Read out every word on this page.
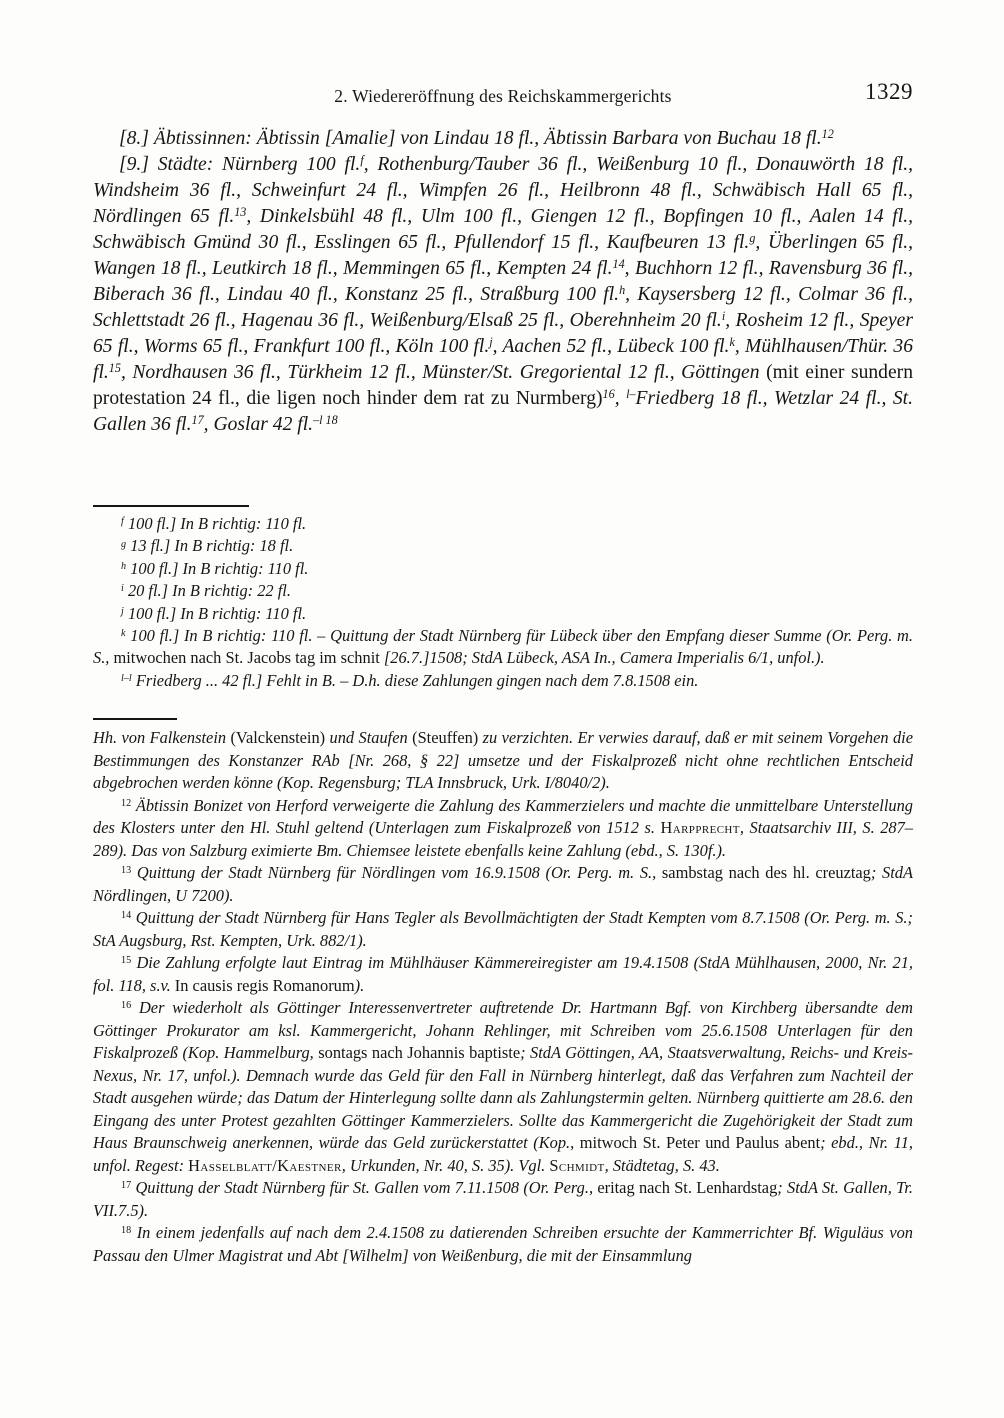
2. Wiedereröffnung des Reichskammergerichts	1329

[8.] Äbtissinnen: Äbtissin [Amalie] von Lindau 18 fl., Äbtissin Barbara von Buchau 18 fl.$^{12}$

[9.] Städte: Nürnberg 100 fl.$^f$, Rothenburg/Tauber 36 fl., Weißenburg 10 fl., Donauwörth 18 fl., Windsheim 36 fl., Schweinfurt 24 fl., Wimpfen 26 fl., Heilbronn 48 fl., Schwäbisch Hall 65 fl., Nördlingen 65 fl.$^{13}$, Dinkelsbühl 48 fl., Ulm 100 fl., Giengen 12 fl., Bopfingen 10 fl., Aalen 14 fl., Schwäbisch Gmünd 30 fl., Esslingen 65 fl., Pfullendorf 15 fl., Kaufbeuren 13 fl.$^g$, Überlingen 65 fl., Wangen 18 fl., Leutkirch 18 fl., Memmingen 65 fl., Kempten 24 fl.$^{14}$, Buchhorn 12 fl., Ravensburg 36 fl., Biberach 36 fl., Lindau 40 fl., Konstanz 25 fl., Straßburg 100 fl.$^h$, Kaysersberg 12 fl., Colmar 36 fl., Schlettstadt 26 fl., Hagenau 36 fl., Weißenburg/Elsaß 25 fl., Oberehnheim 20 fl.$^i$, Rosheim 12 fl., Speyer 65 fl., Worms 65 fl., Frankfurt 100 fl., Köln 100 fl.$^j$, Aachen 52 fl., Lübeck 100 fl.$^k$, Mühlhausen/Thür. 36 fl.$^{15}$, Nordhausen 36 fl., Türkheim 12 fl., Münster/St. Gregoriental 12 fl., Göttingen (mit einer sundern protestation 24 fl., die ligen noch hinder dem rat zu Nurmberg)$^{16}$, $^{l-}$Friedberg 18 fl., Wetzlar 24 fl., St. Gallen 36 fl.$^{17}$, Goslar 42 fl.$^{-l 18}$

$^f$ 100 fl.] In B richtig: 110 fl.

$^g$ 13 fl.] In B richtig: 18 fl.

$^h$ 100 fl.] In B richtig: 110 fl.

$^i$ 20 fl.] In B richtig: 22 fl.

$^j$ 100 fl.] In B richtig: 110 fl.

$^k$ 100 fl.] In B richtig: 110 fl. – Quittung der Stadt Nürnberg für Lübeck über den Empfang dieser Summe (Or. Perg. m. S., mitwochen nach St. Jacobs tag im schnit [26.7.]1508; StdA Lübeck, ASA In., Camera Imperialis 6/1, unfol.).

$^{l-l}$ Friedberg ... 42 fl.] Fehlt in B. – D.h. diese Zahlungen gingen nach dem 7.8.1508 ein.

Hh. von Falkenstein (Valckenstein) und Staufen (Steuffen) zu verzichten. Er verwies darauf, daß er mit seinem Vorgehen die Bestimmungen des Konstanzer RAb [Nr. 268, § 22] umsetze und der Fiskalprozeß nicht ohne rechtlichen Entscheid abgebrochen werden könne (Kop. Regensburg; TLA Innsbruck, Urk. I/8040/2).

$^{12}$ Äbtissin Bonizet von Herford verweigerte die Zahlung des Kammerzielers und machte die unmittelbare Unterstellung des Klosters unter den Hl. Stuhl geltend (Unterlagen zum Fiskalprozeß von 1512 s. Harpprecht, Staatsarchiv III, S. 287–289). Das von Salzburg eximierte Bm. Chiemsee leistete ebenfalls keine Zahlung (ebd., S. 130f.).

$^{13}$ Quittung der Stadt Nürnberg für Nördlingen vom 16.9.1508 (Or. Perg. m. S., sambstag nach des hl. creuztag; StdA Nördlingen, U 7200).

$^{14}$ Quittung der Stadt Nürnberg für Hans Tegler als Bevollmächtigten der Stadt Kempten vom 8.7.1508 (Or. Perg. m. S.; StA Augsburg, Rst. Kempten, Urk. 882/1).

$^{15}$ Die Zahlung erfolgte laut Eintrag im Mühlhäuser Kämmereiregister am 19.4.1508 (StdA Mühlhausen, 2000, Nr. 21, fol. 118, s.v. In causis regis Romanorum).

$^{16}$ Der wiederholt als Göttinger Interessenvertreter auftretende Dr. Hartmann Bgf. von Kirchberg übersandte dem Göttinger Prokurator am ksl. Kammergericht, Johann Rehlinger, mit Schreiben vom 25.6.1508 Unterlagen für den Fiskalprozeß (Kop. Hammelburg, sontags nach Johannis baptiste; StdA Göttingen, AA, Staatsverwaltung, Reichs- und Kreis-Nexus, Nr. 17, unfol.). Demnach wurde das Geld für den Fall in Nürnberg hinterlegt, daß das Verfahren zum Nachteil der Stadt ausgehen würde; das Datum der Hinterlegung sollte dann als Zahlungstermin gelten. Nürnberg quittierte am 28.6. den Eingang des unter Protest gezahlten Göttinger Kammerzielers. Sollte das Kammergericht die Zugehörigkeit der Stadt zum Haus Braunschweig anerkennen, würde das Geld zurückerstattet (Kop., mitwoch St. Peter und Paulus abent; ebd., Nr. 11, unfol. Regest: Hasselblatt/Kaestner, Urkunden, Nr. 40, S. 35). Vgl. Schmidt, Städtetag, S. 43.

$^{17}$ Quittung der Stadt Nürnberg für St. Gallen vom 7.11.1508 (Or. Perg., eritag nach St. Lenhardstag; StdA St. Gallen, Tr. VII.7.5).

$^{18}$ In einem jedenfalls auf nach dem 2.4.1508 zu datierenden Schreiben ersuchte der Kammerrichter Bf. Wiguläus von Passau den Ulmer Magistrat und Abt [Wilhelm] von Weißenburg, die mit der Einsammlung
